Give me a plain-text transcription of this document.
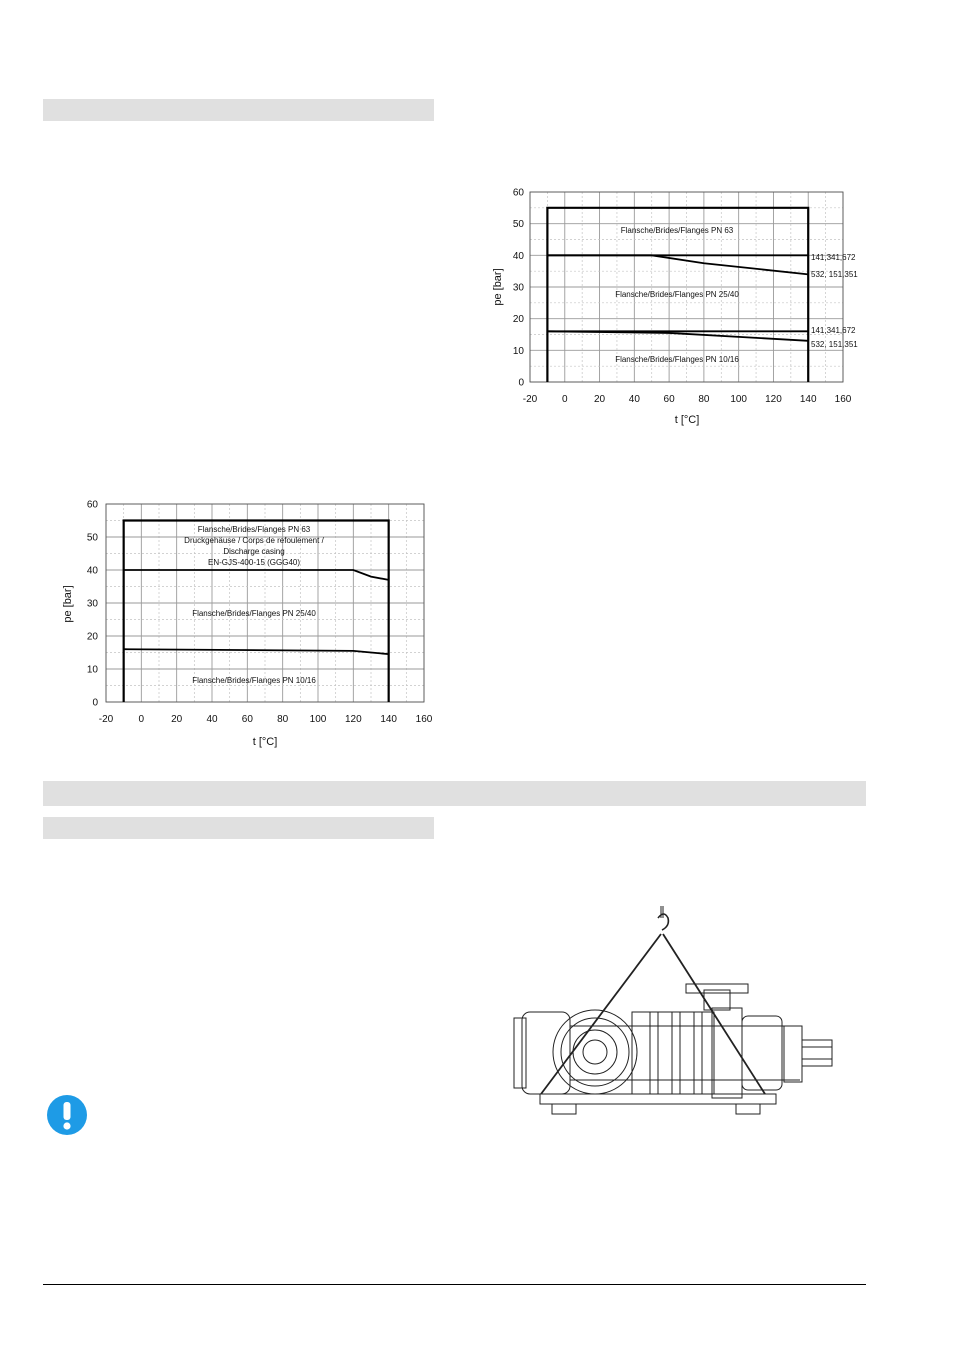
0
10
20
30
40
50
60
-20 0	20 40 60 80 100 120 140 160
t [°C]
pe [bar]
Flansche/Brides/Flanges PN 63
Flansche/Brides/Flanges PN 25/40
Flansche/Brides/Flanges PN 10/16
141,341,672
532, 151,351
141,341,672
532, 151,351
0
10
20
30
40
50
60
-20	0	20 40 60 80 100 120 140 160
t [°C]
pe [bar]
Flansche/Brides/Flanges PN 63
Druckgehäuse / Corps de refoulement /
Discharge casing
EN-GJS-400-15 (GGG40)
Flansche/Brides/Flanges PN 25/40
Flansche/Brides/Flanges PN 10/16
